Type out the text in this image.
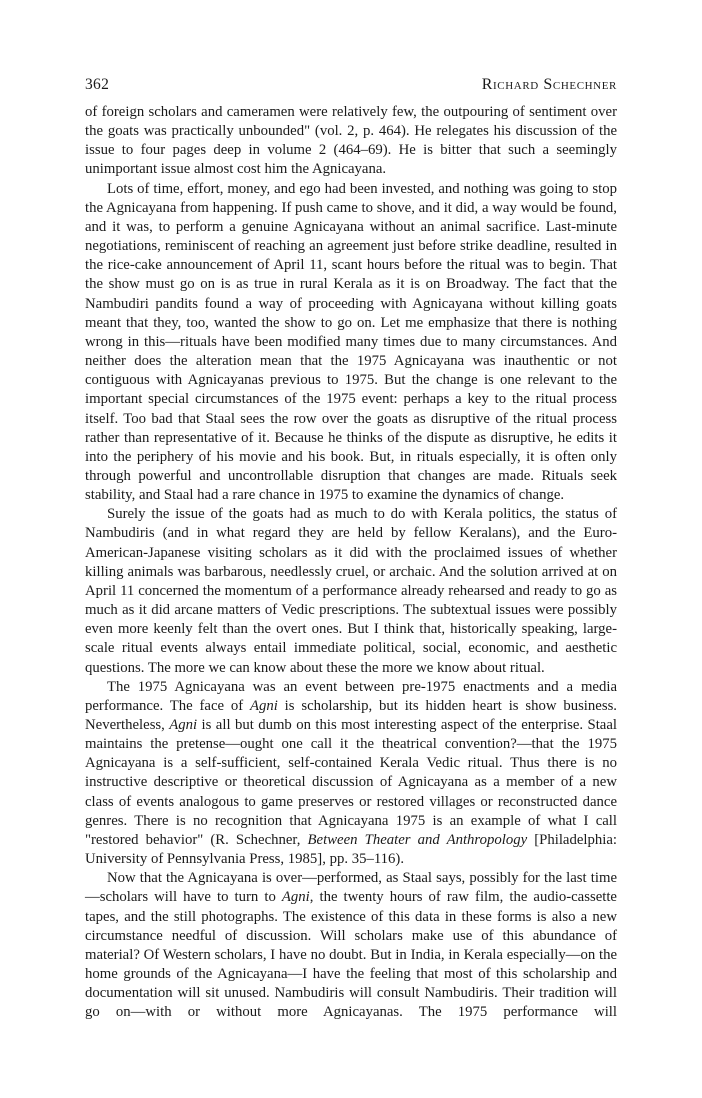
362	Richard Schechner

of foreign scholars and cameramen were relatively few, the outpouring of sentiment over the goats was practically unbounded" (vol. 2, p. 464). He relegates his discussion of the issue to four pages deep in volume 2 (464–69). He is bitter that such a seemingly unimportant issue almost cost him the Agnicayana.

Lots of time, effort, money, and ego had been invested, and nothing was going to stop the Agnicayana from happening. If push came to shove, and it did, a way would be found, and it was, to perform a genuine Agnicayana without an animal sacrifice. Last-minute negotiations, reminiscent of reaching an agreement just before strike deadline, resulted in the rice-cake announcement of April 11, scant hours before the ritual was to begin. That the show must go on is as true in rural Kerala as it is on Broadway. The fact that the Nambudiri pandits found a way of proceeding with Agnicayana without killing goats meant that they, too, wanted the show to go on. Let me emphasize that there is nothing wrong in this—rituals have been modified many times due to many circumstances. And neither does the alteration mean that the 1975 Agnicayana was inauthentic or not contiguous with Agnicayanas previous to 1975. But the change is one relevant to the important special circumstances of the 1975 event: perhaps a key to the ritual process itself. Too bad that Staal sees the row over the goats as disruptive of the ritual process rather than representative of it. Because he thinks of the dispute as disruptive, he edits it into the periphery of his movie and his book. But, in rituals especially, it is often only through powerful and uncontrollable disruption that changes are made. Rituals seek stability, and Staal had a rare chance in 1975 to examine the dynamics of change.

Surely the issue of the goats had as much to do with Kerala politics, the status of Nambudiris (and in what regard they are held by fellow Keralans), and the Euro-American-Japanese visiting scholars as it did with the proclaimed issues of whether killing animals was barbarous, needlessly cruel, or archaic. And the solution arrived at on April 11 concerned the momentum of a performance already rehearsed and ready to go as much as it did arcane matters of Vedic prescriptions. The subtextual issues were possibly even more keenly felt than the overt ones. But I think that, historically speaking, large-scale ritual events always entail immediate political, social, economic, and aesthetic questions. The more we can know about these the more we know about ritual.

The 1975 Agnicayana was an event between pre-1975 enactments and a media performance. The face of Agni is scholarship, but its hidden heart is show business. Nevertheless, Agni is all but dumb on this most interesting aspect of the enterprise. Staal maintains the pretense—ought one call it the theatrical convention?—that the 1975 Agnicayana is a self-sufficient, self-contained Kerala Vedic ritual. Thus there is no instructive descriptive or theoretical discussion of Agnicayana as a member of a new class of events analogous to game preserves or restored villages or reconstructed dance genres. There is no recognition that Agnicayana 1975 is an example of what I call "restored behavior" (R. Schechner, Between Theater and Anthropology [Philadelphia: University of Pennsylvania Press, 1985], pp. 35–116).

Now that the Agnicayana is over—performed, as Staal says, possibly for the last time—scholars will have to turn to Agni, the twenty hours of raw film, the audio-cassette tapes, and the still photographs. The existence of this data in these forms is also a new circumstance needful of discussion. Will scholars make use of this abundance of material? Of Western scholars, I have no doubt. But in India, in Kerala especially—on the home grounds of the Agnicayana—I have the feeling that most of this scholarship and documentation will sit unused. Nambudiris will consult Nambudiris. Their tradition will go on—with or without more Agnicayanas. The 1975 performance will
